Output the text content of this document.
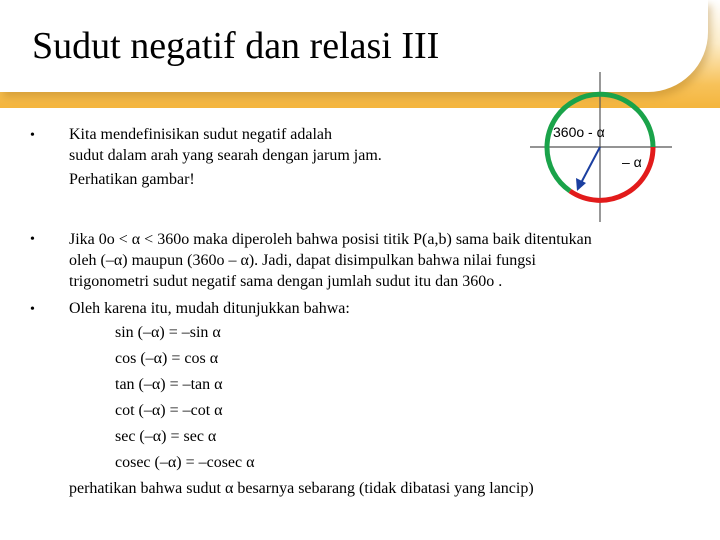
Sudut negatif dan relasi III
• Kita mendefinisikan sudut negatif adalah
sudut dalam arah yang searah dengan jarum jam.
Perhatikan gambar!
• Jika 0o < α < 360o maka diperoleh bahwa posisi titik P(a,b) sama baik ditentukan
oleh (–α) maupun (360o – α). Jadi, dapat disimpulkan bahwa nilai fungsi
trigonometri sudut negatif sama dengan jumlah sudut itu dan 360o .
• Oleh karena itu, mudah ditunjukkan bahwa:
sin (–α) = –sin α
cos (–α) = cos α
tan (–α) = –tan α
cot (–α) = –cot α
sec (–α) = sec α
cosec (–α) = –cosec α
perhatikan bahwa sudut α besarnya sebarang (tidak dibatasi yang lancip)
360o - α
– α
